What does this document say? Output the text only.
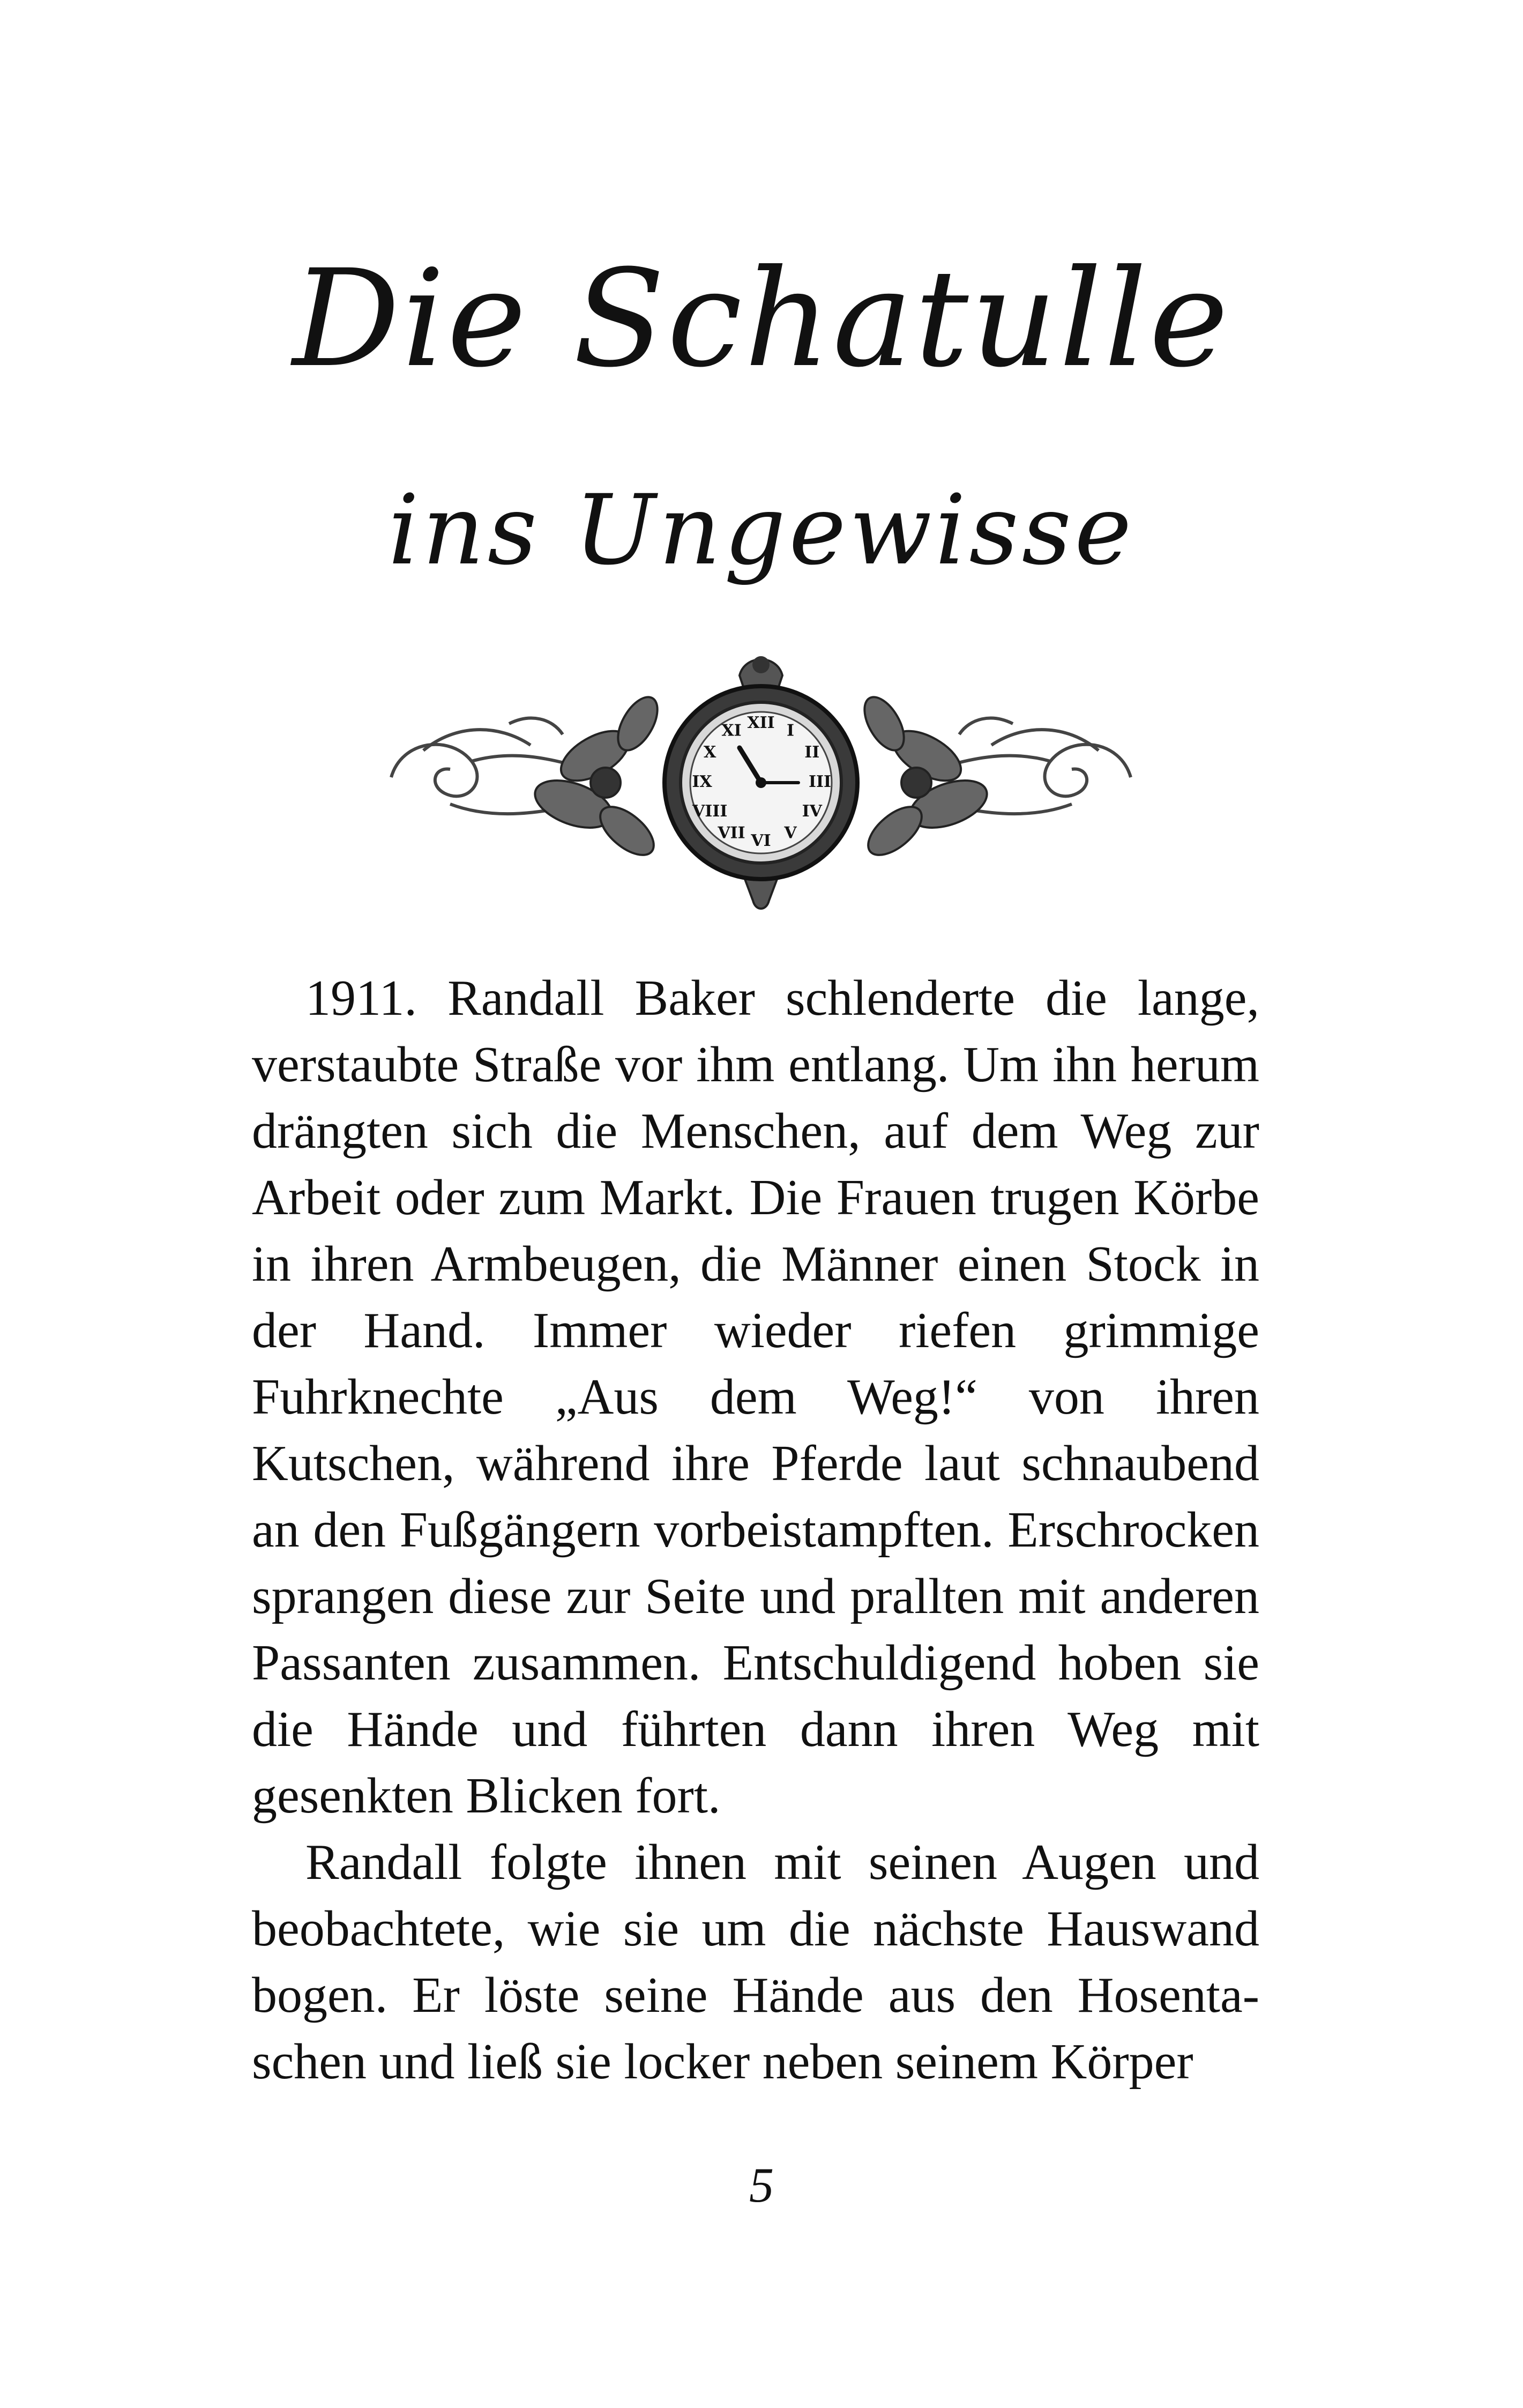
Die Schatulle
ins Ungewisse
XII I
II
III
IV
V
VI
VII
VIII
IX
X
XI

1911. Randall Baker schlenderte die lange, verstaubte Straße vor ihm entlang. Um ihn herum drängten sich die Menschen, auf dem Weg zur Arbeit oder zum Markt. Die Frauen trugen Körbe in ihren Armbeugen, die Männer einen Stock in der Hand. Immer wieder riefen grimmige Fuhrknechte „Aus dem Weg!“ von ihren Kutschen, während ihre Pferde laut schnaubend an den Fußgängern vorbeistampften. Erschrocken sprangen diese zur Seite und prallten mit anderen Passanten zusammen. Entschuldigend hoben sie die Hände und führten dann ihren Weg mit gesenkten Blicken fort.

Randall folgte ihnen mit seinen Augen und beobachtete, wie sie um die nächste Hauswand bogen. Er löste seine Hände aus den Hosentaschen und ließ sie locker neben seinem Körper

5
